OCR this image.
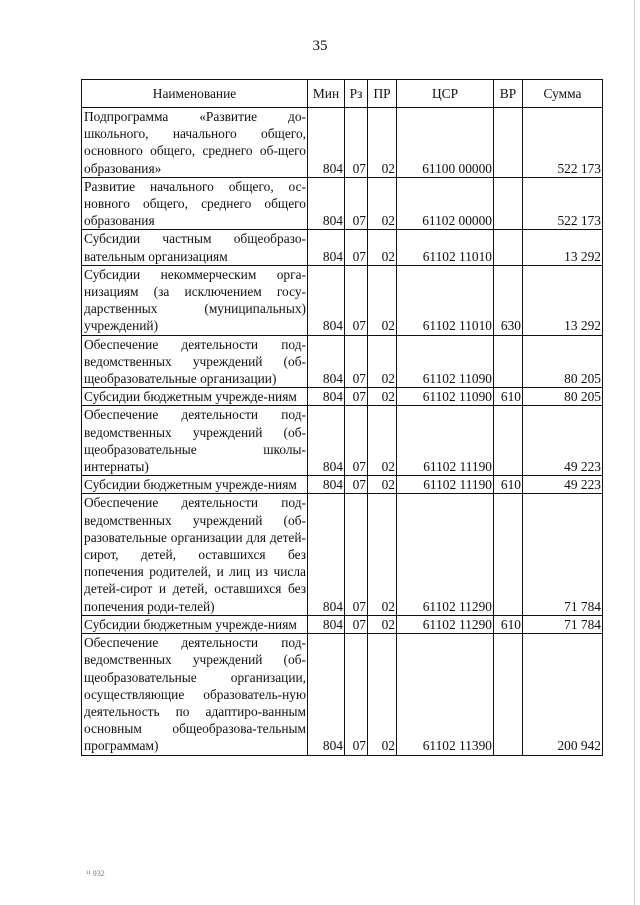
35
Наименование	Мин	Рз	ПР	ЦСР	ВР	Сумма
Подпрограмма «Развитие до-школьного, начального общего, основного общего, среднего об-щего образования»	804	07	02	61100 00000		522 173
Развитие начального общего, ос-новного общего, среднего общего образования	804	07	02	61102 00000		522 173
Субсидии частным общеобразо-вательным организациям	804	07	02	61102 11010		13 292
Субсидии некоммерческим орга-низациям (за исключением госу-дарственных (муниципальных) учреждений)	804	07	02	61102 11010	630	13 292
Обеспечение деятельности под-ведомственных учреждений (об-щеобразовательные организации)	804	07	02	61102 11090		80 205
Субсидии бюджетным учрежде-ниям	804	07	02	61102 11090	610	80 205
Обеспечение деятельности под-ведомственных учреждений (об-щеобразовательные школы-интернаты)	804	07	02	61102 11190		49 223
Субсидии бюджетным учрежде-ниям	804	07	02	61102 11190	610	49 223
Обеспечение деятельности под-ведомственных учреждений (об-разовательные организации для детей-сирот, детей, оставшихся без попечения родителей, и лиц из числа детей-сирот и детей, оставшихся без попечения роди-телей)	804	07	02	61102 11290		71 784
Субсидии бюджетным учрежде-ниям	804	07	02	61102 11290	610	71 784
Обеспечение деятельности под-ведомственных учреждений (об-щеобразовательные организации, осуществляющие образователь-ную деятельность по адаптиро-ванным основным общеобразова-тельным программам)	804	07	02	61102 11390		200 942
¹¹ 932
